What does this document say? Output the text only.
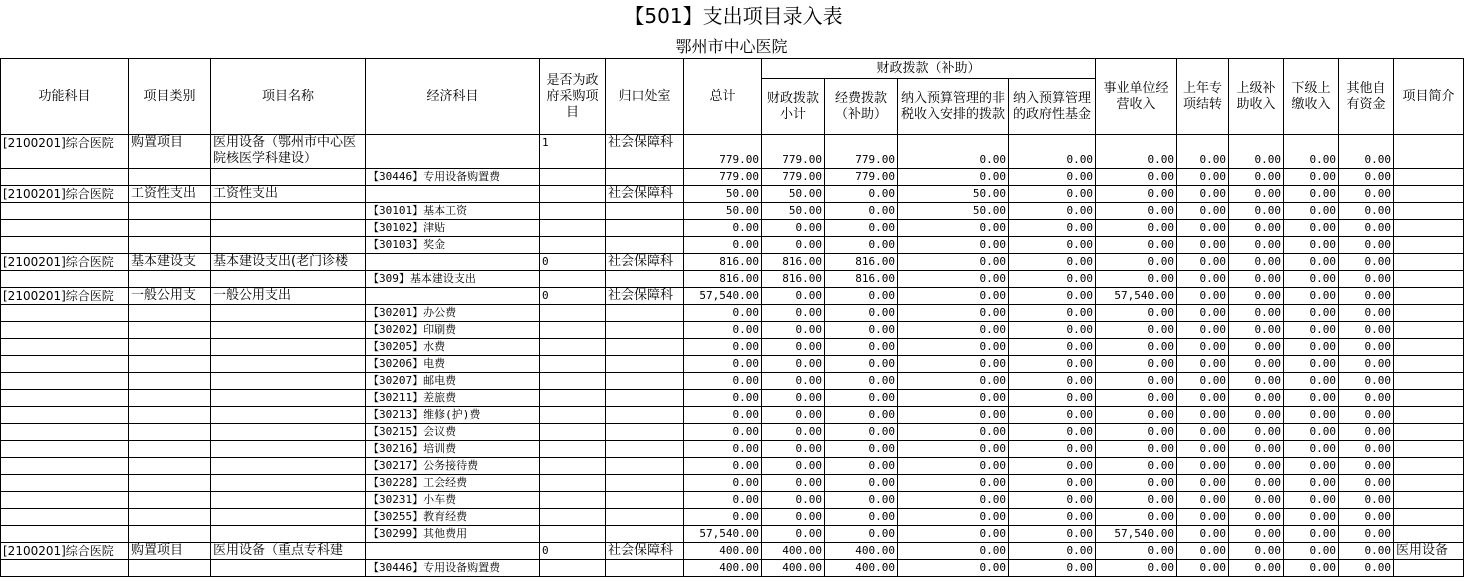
【501】支出项目录入表
鄂州市中心医院
功能科目	项目类别	项目名称	经济科目	是否为政府采购项目	归口处室	总计	财政拨款（补助）				事业单位经营收入	上年专项结转	上级补助收入	下级上缴收入	其他自有资金	项目简介
							财政拨款小计	经费拨款（补助）	纳入预算管理的非税收入安排的拨款	纳入预算管理的政府性基金						
[2100201]综合医院	购置项目	医用设备（鄂州市中心医院核医学科建设）		1	社会保障科	779.00	779.00	779.00	0.00	0.00	0.00	0.00	0.00	0.00	0.00	
			【30446】专用设备购置费			779.00	779.00	779.00	0.00	0.00	0.00	0.00	0.00	0.00	0.00	
[2100201]综合医院	工资性支出	工资性支出			社会保障科	50.00	50.00	0.00	50.00	0.00	0.00	0.00	0.00	0.00	0.00	
			【30101】基本工资			50.00	50.00	0.00	50.00	0.00	0.00	0.00	0.00	0.00	0.00	
			【30102】津贴			0.00	0.00	0.00	0.00	0.00	0.00	0.00	0.00	0.00	0.00	
			【30103】奖金			0.00	0.00	0.00	0.00	0.00	0.00	0.00	0.00	0.00	0.00	
[2100201]综合医院	基本建设支	基本建设支出(老门诊楼		0	社会保障科	816.00	816.00	816.00	0.00	0.00	0.00	0.00	0.00	0.00	0.00	
			【309】基本建设支出			816.00	816.00	816.00	0.00	0.00	0.00	0.00	0.00	0.00	0.00	
[2100201]综合医院	一般公用支	一般公用支出		0	社会保障科	57,540.00	0.00	0.00	0.00	0.00	57,540.00	0.00	0.00	0.00	0.00	
			【30201】办公费			0.00	0.00	0.00	0.00	0.00	0.00	0.00	0.00	0.00	0.00	
			【30202】印刷费			0.00	0.00	0.00	0.00	0.00	0.00	0.00	0.00	0.00	0.00	
			【30205】水费			0.00	0.00	0.00	0.00	0.00	0.00	0.00	0.00	0.00	0.00	
			【30206】电费			0.00	0.00	0.00	0.00	0.00	0.00	0.00	0.00	0.00	0.00	
			【30207】邮电费			0.00	0.00	0.00	0.00	0.00	0.00	0.00	0.00	0.00	0.00	
			【30211】差旅费			0.00	0.00	0.00	0.00	0.00	0.00	0.00	0.00	0.00	0.00	
			【30213】维修(护)费			0.00	0.00	0.00	0.00	0.00	0.00	0.00	0.00	0.00	0.00	
			【30215】会议费			0.00	0.00	0.00	0.00	0.00	0.00	0.00	0.00	0.00	0.00	
			【30216】培训费			0.00	0.00	0.00	0.00	0.00	0.00	0.00	0.00	0.00	0.00	
			【30217】公务接待费			0.00	0.00	0.00	0.00	0.00	0.00	0.00	0.00	0.00	0.00	
			【30228】工会经费			0.00	0.00	0.00	0.00	0.00	0.00	0.00	0.00	0.00	0.00	
			【30231】小车费			0.00	0.00	0.00	0.00	0.00	0.00	0.00	0.00	0.00	0.00	
			【30255】教育经费			0.00	0.00	0.00	0.00	0.00	0.00	0.00	0.00	0.00	0.00	
			【30299】其他费用			57,540.00	0.00	0.00	0.00	0.00	57,540.00	0.00	0.00	0.00	0.00	
[2100201]综合医院	购置项目	医用设备（重点专科建		0	社会保障科	400.00	400.00	400.00	0.00	0.00	0.00	0.00	0.00	0.00	0.00	医用设备
			【30446】专用设备购置费			400.00	400.00	400.00	0.00	0.00	0.00	0.00	0.00	0.00	0.00	
